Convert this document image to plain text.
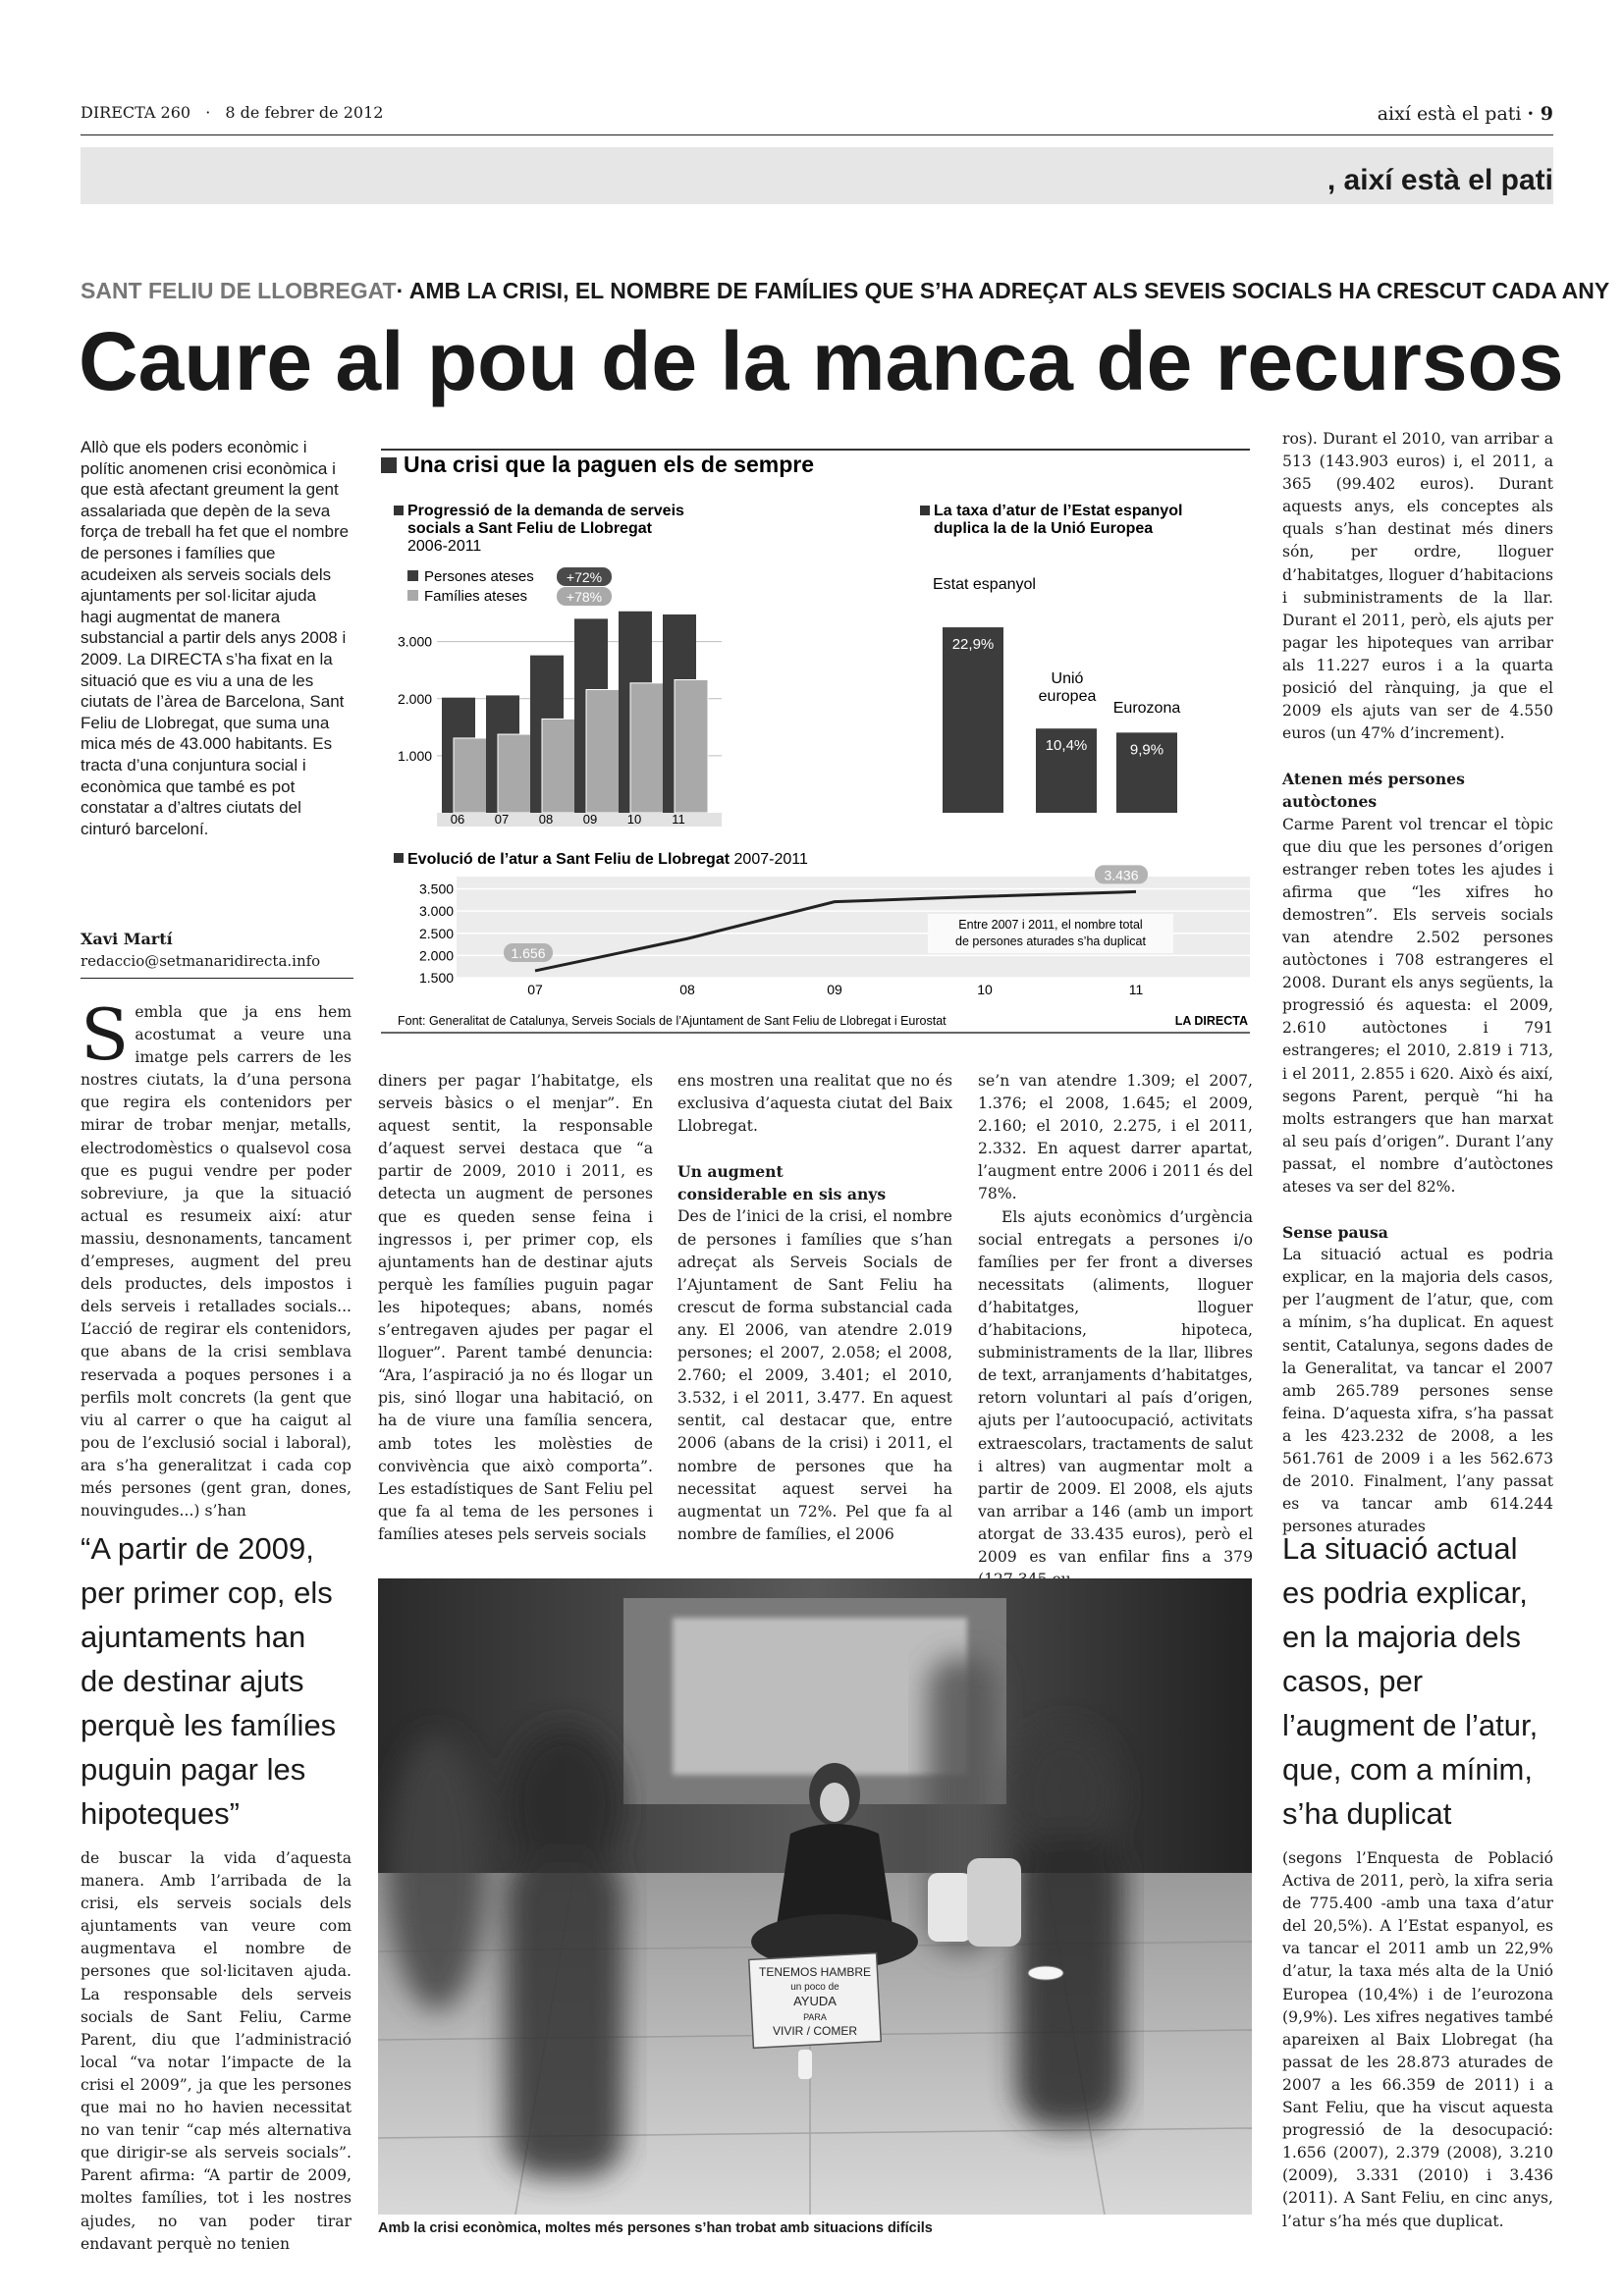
DIRECTA 260 · 8 de febrer de 2012	així està el pati · 9
, així està el pati
SANT FELIU DE LLOBREGAT· AMB LA CRISI, EL NOMBRE DE FAMÍLIES QUE S’HA ADREÇAT ALS SEVEIS SOCIALS HA CRESCUT CADA ANY
Caure al pou de la manca de recursos
Allò que els poders econòmic i polític anomenen crisi econòmica i que està afectant greument la gent assalariada que depèn de la seva força de treball ha fet que el nombre de persones i famílies que acudeixen als serveis socials dels ajuntaments per sol·licitar ajuda hagi augmentat de manera substancial a partir dels anys 2008 i 2009. La DIRECTA s’ha fixat en la situació que es viu a una de les ciutats de l’àrea de Barcelona, Sant Feliu de Llobregat, que suma una mica més de 43.000 habitants. Es tracta d’una conjuntura social i econòmica que també es pot constatar a d’altres ciutats del cinturó barceloní.
Xavi Martí
redaccio@setmanaridirecta.info
Una crisi que la paguen els de sempre
Progressió de la demanda de serveis
socials a Sant Feliu de Llobregat
2006-2011
Persones ateses +72%
Famílies ateses	+78%
1.000
2.000
3.000
06 07 08 09 10 11
La taxa d’atur de l’Estat espanyol
duplica la de la Unió Europea
22,9%
10,4%	9,9%
Estat espanyol
Unió
europea
Eurozona
Evolució de l’atur a Sant Feliu de Llobregat 2007-2011
Entre 2007 i 2011, el nombre total
de persones aturades s’ha duplicat
1.500
2.000
2.500
3.000
3.500
07	08	09	10	11
1.656
3.436
Font: Generalitat de Catalunya, Serveis Socials de l’Ajuntament de Sant Feliu de Llobregat i Eurostat	LA DIRECTA
S embla que ja ens hem acostumat a veure una imatge pels carrers de les nostres ciutats, la d’una persona que regira els contenidors per mirar de trobar menjar, metalls, electrodomèstics o qualsevol cosa que es pugui vendre per poder sobreviure, ja que la situació actual es resumeix així: atur massiu, desnonaments, tancament d’empreses, augment del preu dels productes, dels impostos i dels serveis i retallades socials... L’acció de regirar els contenidors, que abans de la crisi semblava reservada a poques persones i a perfils molt concrets (la gent que viu al carrer o que ha caigut al pou de l’exclusió social i laboral), ara s’ha generalitzat i cada cop més persones (gent gran, dones, nouvingudes...) s’han

“A partir de 2009, per primer cop, els ajuntaments han de destinar ajuts perquè les famílies puguin pagar les hipoteques”
de buscar la vida d’aquesta manera. Amb l’arribada de la crisi, els serveis socials dels ajuntaments van veure com augmentava el nombre de persones que sol·licitaven ajuda. La responsable dels serveis socials de Sant Feliu, Carme Parent, diu que l’administració local “va notar l’impacte de la crisi el 2009”, ja que les persones que mai no ho havien necessitat no van tenir “cap més alternativa que dirigir-se als serveis socials”. Parent afirma: “A partir de 2009, moltes famílies, tot i les nostres ajudes, no van poder tirar endavant perquè no tenien
diners per pagar l’habitatge, els serveis bàsics o el menjar”. En aquest sentit, la responsable d’aquest servei destaca que “a partir de 2009, 2010 i 2011, es detecta un augment de persones que es queden sense feina i ingressos i, per primer cop, els ajuntaments han de destinar ajuts perquè les famílies puguin pagar les hipoteques; abans, només s’entregaven ajudes per pagar el lloguer”. Parent també denuncia: “Ara, l’aspiració ja no és llogar un pis, sinó llogar una habitació, on ha de viure una família sencera, amb totes les molèsties de convivència que això comporta”. Les estadístiques de Sant Feliu pel que fa al tema de les persones i famílies ateses pels serveis socials

ens mostren una realitat que no és exclusiva d’aquesta ciutat del Baix Llobregat.

Un augment considerable en sis anys

Des de l’inici de la crisi, el nombre de persones i famílies que s’han adreçat als Serveis Socials de l’Ajuntament de Sant Feliu ha crescut de forma substancial cada any. El 2006, van atendre 2.019 persones; el 2007, 2.058; el 2008, 2.760; el 2009, 3.401; el 2010, 3.532, i el 2011, 3.477. En aquest sentit, cal destacar que, entre 2006 (abans de la crisi) i 2011, el nombre de persones que ha necessitat aquest servei ha augmentat un 72%. Pel que fa al nombre de famílies, el 2006

se’n van atendre 1.309; el 2007, 1.376; el 2008, 1.645; el 2009, 2.160; el 2010, 2.275, i el 2011, 2.332. En aquest darrer apartat, l’augment entre 2006 i 2011 és del 78%.

Els ajuts econòmics d’urgència social entregats a persones i/o famílies per fer front a diverses necessitats (aliments, lloguer d’habitatges, lloguer d’habitacions, hipoteca, subministraments de la llar, llibres de text, arranjaments d’habitatges, retorn voluntari al país d’origen, ajuts per l’autoocupació, activitats extraescolars, tractaments de salut i altres) van augmentar molt a partir de 2009. El 2008, els ajuts van arribar a 146 (amb un import atorgat de 33.435 euros), però el 2009 es van enfilar fins a 379

ros). Durant el 2010, van arribar a 513 (143.903 euros) i, el 2011, a 365 (99.402 euros). Durant aquests anys, els conceptes als quals s’han destinat més diners són, per ordre, lloguer d’habitatges, lloguer d’habitacions i subministraments de la llar. Durant el 2011, però, els ajuts per pagar les hipoteques van arribar als 11.227 euros i a la quarta posició del rànquing, ja que el 2009 els ajuts van ser de 4.550 euros (un 47% d’increment).

Atenen més persones autòctones

Carme Parent vol trencar el tòpic que diu que les persones d’origen estranger reben totes les ajudes i afirma que “les xifres ho demostren”. Els serveis socials van atendre 2.502 persones autòctones i 708 estrangeres el 2008. Durant els anys següents, la progressió és aquesta: el 2009, 2.610 autòctones i 791 estrangeres; el 2010, 2.819 i 713, i el 2011, 2.855 i 620. Això és així, segons Parent, perquè “hi ha molts estrangers que han marxat al seu país d’origen”. Durant l’any passat, el nombre d’autòctones ateses va ser del 82%.

Sense pausa

La situació actual es podria explicar, en la majoria dels casos, per l’augment de l’atur, que, com a mínim, s’ha duplicat. En aquest sentit, Catalunya, segons dades de la Generalitat, va tancar el 2007 amb 265.789 persones sense feina. D’aquesta xifra, s’ha passat a les 423.232 de 2008, a les 561.761 de 2009 i a les 562.673 de 2010. Finalment, l’any passat es va tancar amb 614.244 persones aturades

La situació actual es podria explicar, en la majoria dels casos, per l’augment de l’atur, que, com a mínim, s’ha duplicat
(segons l’Enquesta de Població Activa de 2011, però, la xifra seria de 775.400 -amb una taxa d’atur del 20,5%). A l’Estat espanyol, es va tancar el 2011 amb un 22,9% d’atur, la taxa més alta de la Unió Europea (10,4%) i de l’eurozona (9,9%). Les xifres negatives també apareixen al Baix Llobregat (ha passat de les 28.873 aturades de 2007 a les 66.359 de 2011) i a Sant Feliu, que ha viscut aquesta progressió de la desocupació: 1.656 (2007), 2.379 (2008), 3.210 (2009), 3.331 (2010) i 3.436 (2011). A Sant Feliu, en cinc anys, l’atur s’ha més que duplicat.
TENEMOS HAMBRE
un poco de
AYUDA
PARA
VIVIR / COMER
Amb la crisi econòmica, moltes més persones s’han trobat amb situacions difícils
